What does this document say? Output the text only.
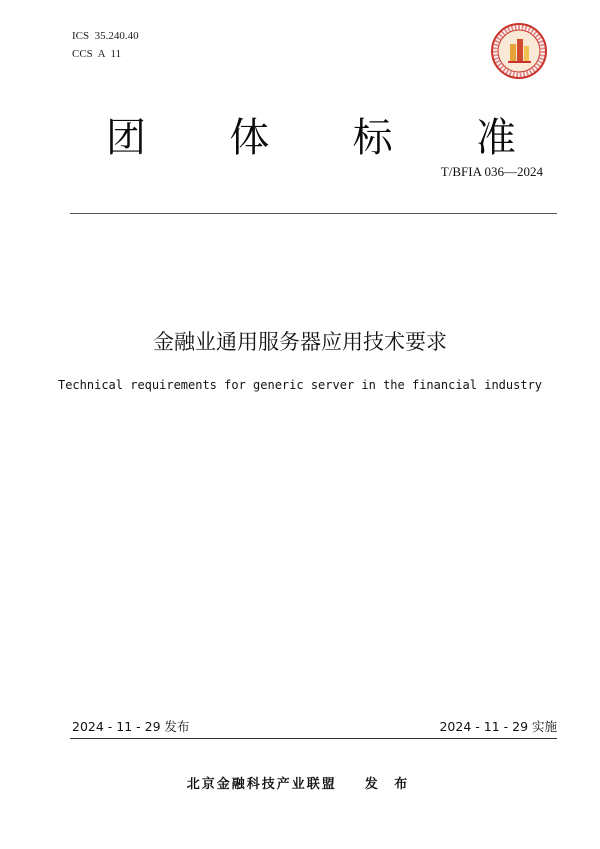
ICS  35.240.40
CCS  A  11
团 体 标 准
T/BFIA 036—2024
金融业通用服务器应用技术要求
Technical requirements for generic server in the financial industry
2024 - 11 - 29 发布	2024 - 11 - 29 实施
北京金融科技产业联盟 发 布
